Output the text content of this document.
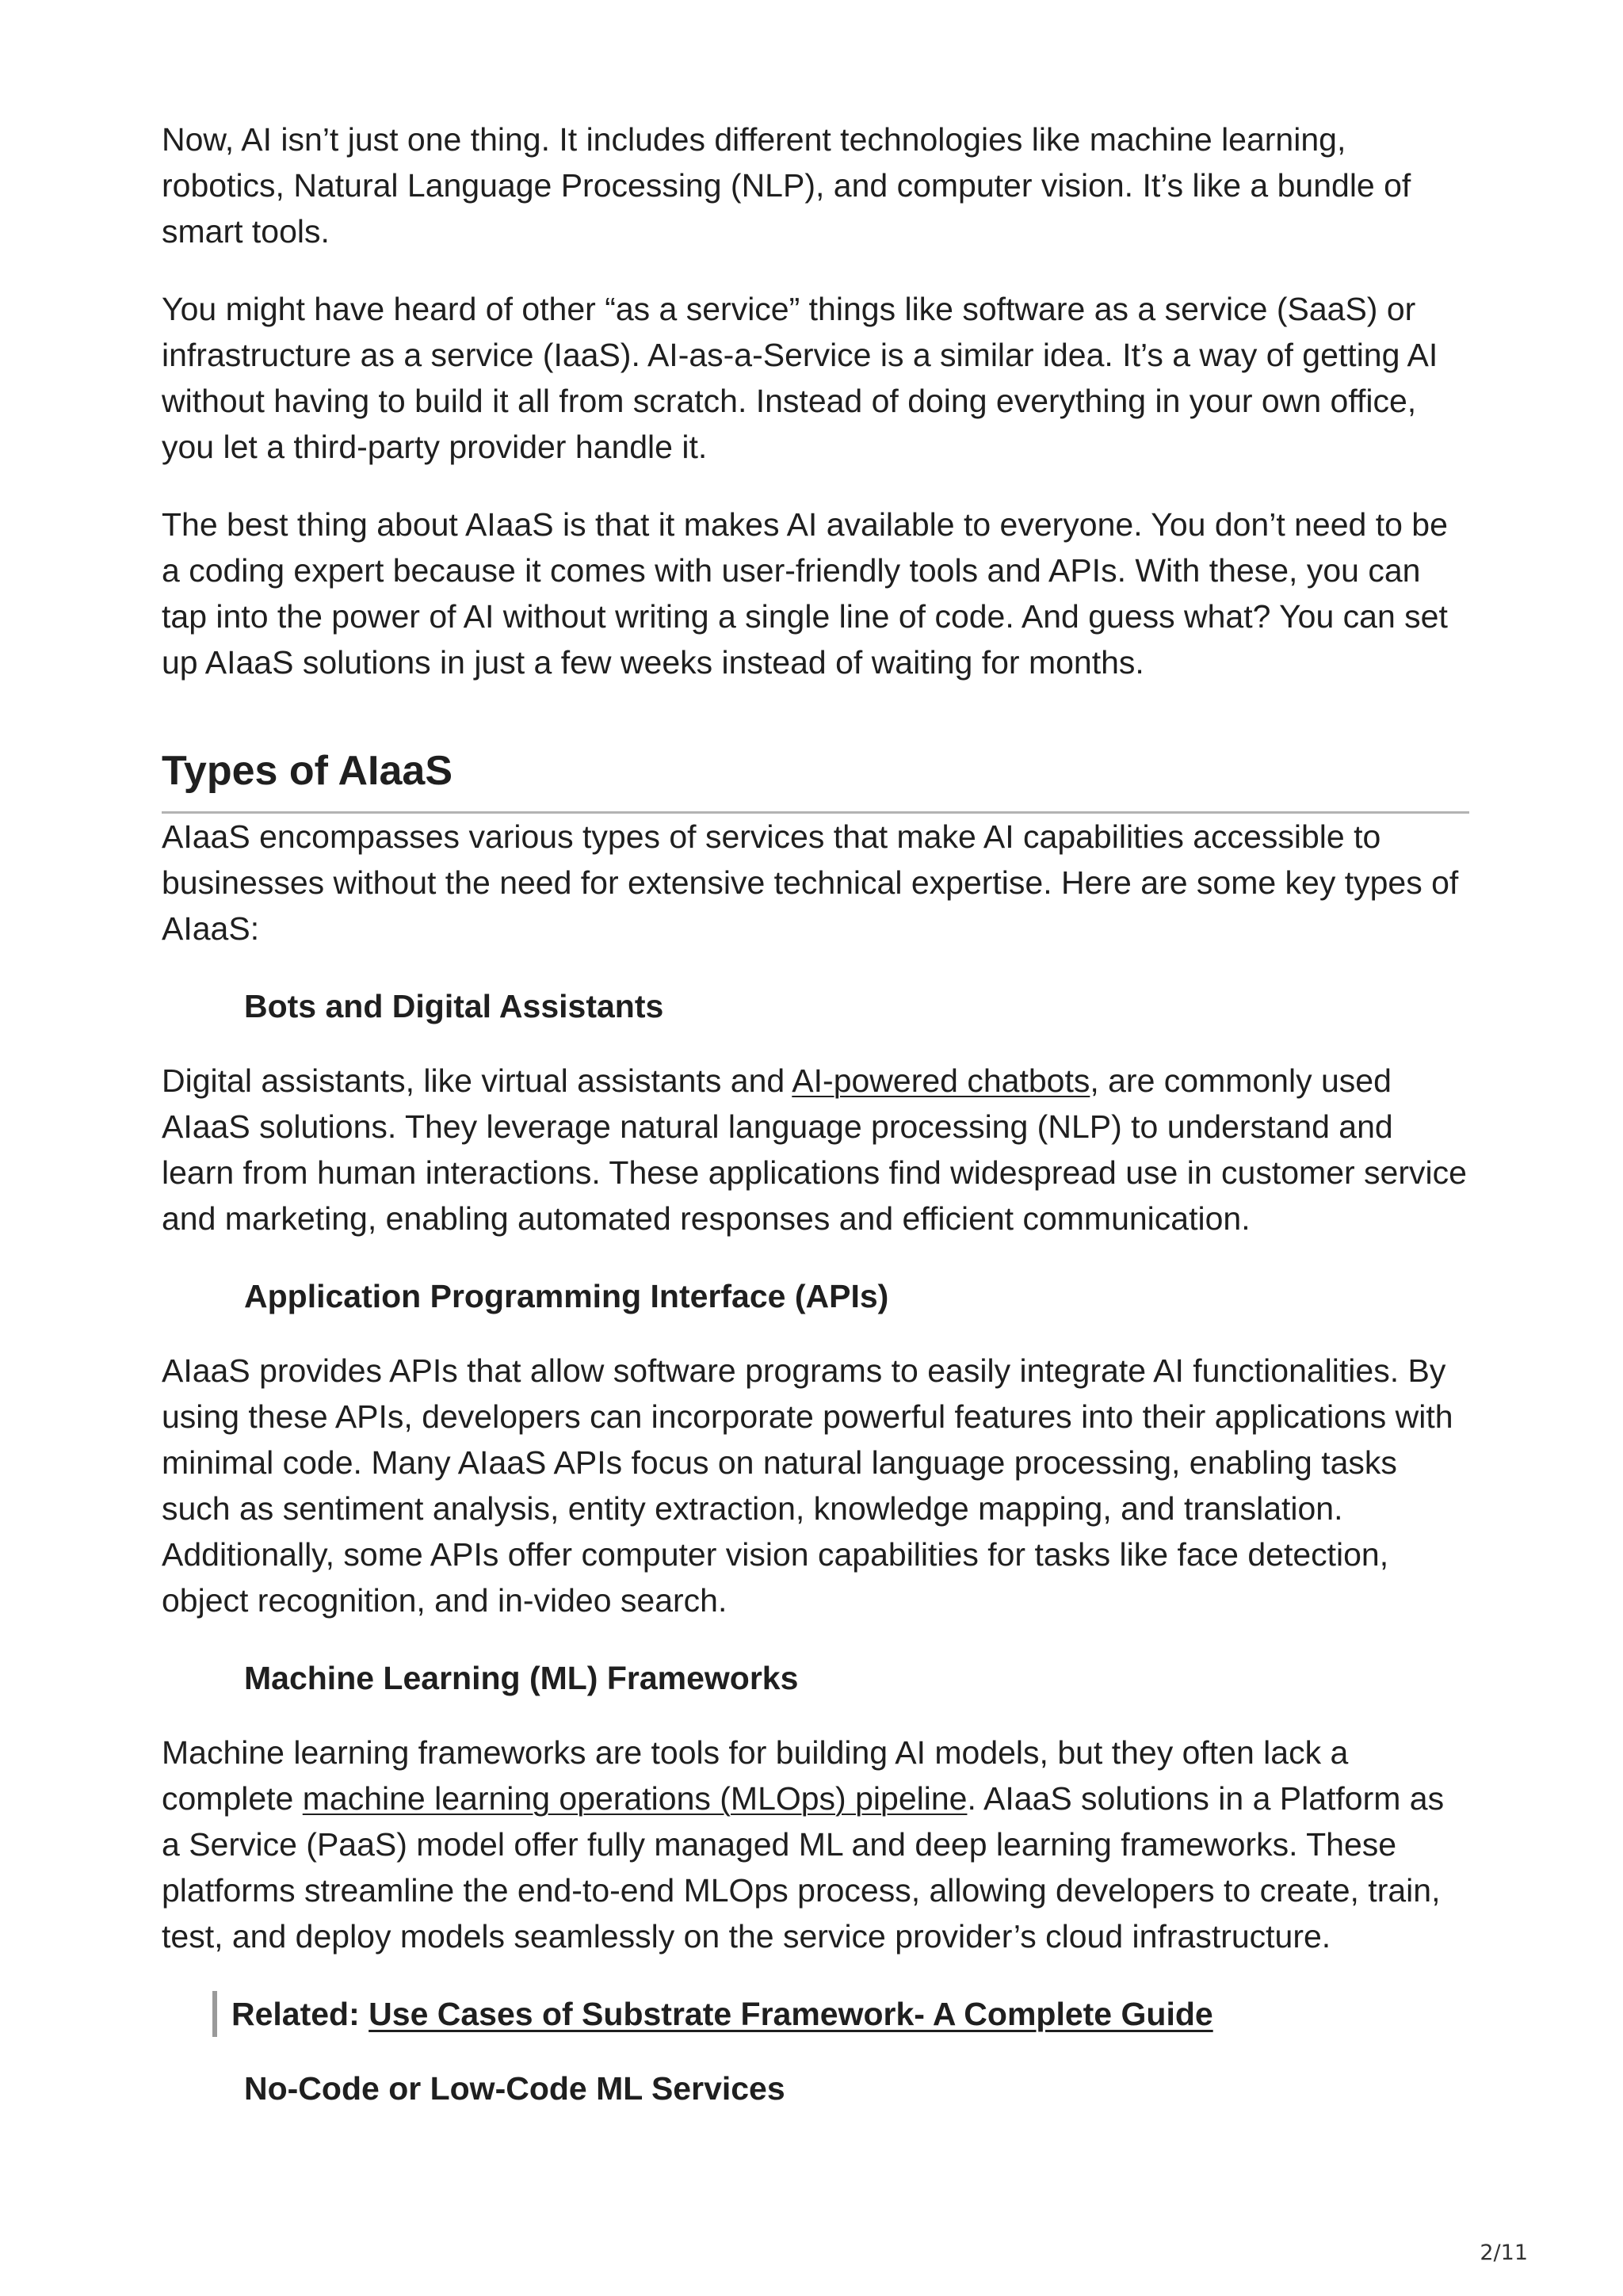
Now, AI isn’t just one thing. It includes different technologies like machine learning, robotics, Natural Language Processing (NLP), and computer vision. It’s like a bundle of smart tools.

You might have heard of other “as a service” things like software as a service (SaaS) or infrastructure as a service (IaaS). AI-as-a-Service is a similar idea. It’s a way of getting AI without having to build it all from scratch. Instead of doing everything in your own office, you let a third-party provider handle it.

The best thing about AIaaS is that it makes AI available to everyone. You don’t need to be a coding expert because it comes with user-friendly tools and APIs. With these, you can tap into the power of AI without writing a single line of code. And guess what? You can set up AIaaS solutions in just a few weeks instead of waiting for months.

Types of AIaaS

AIaaS encompasses various types of services that make AI capabilities accessible to businesses without the need for extensive technical expertise. Here are some key types of AIaaS:

Bots and Digital Assistants

Digital assistants, like virtual assistants and AI-powered chatbots, are commonly used AIaaS solutions. They leverage natural language processing (NLP) to understand and learn from human interactions. These applications find widespread use in customer service and marketing, enabling automated responses and efficient communication.

Application Programming Interface (APIs)

AIaaS provides APIs that allow software programs to easily integrate AI functionalities. By using these APIs, developers can incorporate powerful features into their applications with minimal code. Many AIaaS APIs focus on natural language processing, enabling tasks such as sentiment analysis, entity extraction, knowledge mapping, and translation. Additionally, some APIs offer computer vision capabilities for tasks like face detection, object recognition, and in-video search.

Machine Learning (ML) Frameworks

Machine learning frameworks are tools for building AI models, but they often lack a complete machine learning operations (MLOps) pipeline. AIaaS solutions in a Platform as a Service (PaaS) model offer fully managed ML and deep learning frameworks. These platforms streamline the end-to-end MLOps process, allowing developers to create, train, test, and deploy models seamlessly on the service provider’s cloud infrastructure.

Related: Use Cases of Substrate Framework- A Complete Guide
No-Code or Low-Code ML Services
2/11
